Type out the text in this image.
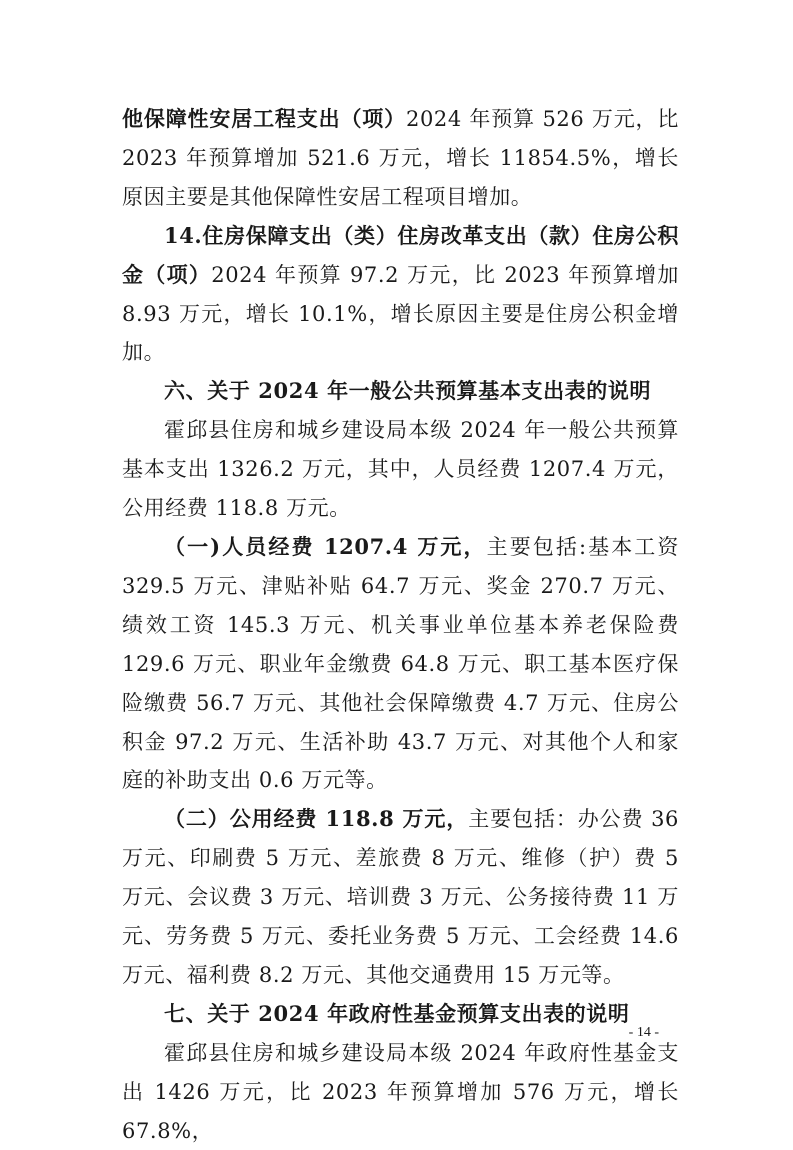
他保障性安居工程支出（项）2024 年预算 526 万元，比 2023 年预算增加 521.6 万元，增长 11854.5%，增长原因主要是其他保障性安居工程项目增加。

14.住房保障支出（类）住房改革支出（款）住房公积金（项）2024 年预算 97.2 万元，比 2023 年预算增加 8.93 万元，增长 10.1%，增长原因主要是住房公积金增加。

六、关于 2024 年一般公共预算基本支出表的说明

霍邱县住房和城乡建设局本级 2024 年一般公共预算基本支出 1326.2 万元，其中，人员经费 1207.4 万元，公用经费 118.8 万元。

（一)人员经费 1207.4 万元，主要包括:基本工资 329.5 万元、津贴补贴 64.7 万元、奖金 270.7 万元、绩效工资 145.3 万元、机关事业单位基本养老保险费 129.6 万元、职业年金缴费 64.8 万元、职工基本医疗保险缴费 56.7 万元、其他社会保障缴费 4.7 万元、住房公积金 97.2 万元、生活补助 43.7 万元、对其他个人和家庭的补助支出 0.6 万元等。

（二）公用经费 118.8 万元，主要包括：办公费 36 万元、印刷费 5 万元、差旅费 8 万元、维修（护）费 5 万元、会议费 3 万元、培训费 3 万元、公务接待费 11 万元、劳务费 5 万元、委托业务费 5 万元、工会经费 14.6 万元、福利费 8.2 万元、其他交通费用 15 万元等。

七、关于 2024 年政府性基金预算支出表的说明

霍邱县住房和城乡建设局本级 2024 年政府性基金支出 1426 万元，比 2023 年预算增加 576 万元，增长 67.8%，

- 14 -
